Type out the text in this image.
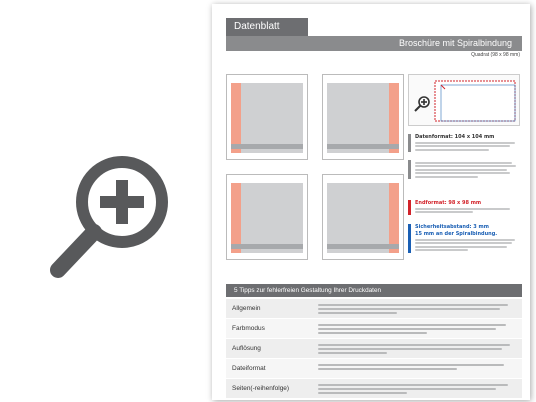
Datenblatt
Broschüre mit Spiralbindung
Quadrat (98 x 98 mm)
Datenformat: 104 x 104 mm
Endformat: 98 x 98 mm
Sicherheitsabstand: 3 mm
15 mm an der Spiralbindung.
5 Tipps zur fehlerfreien Gestaltung Ihrer Druckdaten
Allgemein
Farbmodus
Auflösung
Dateiformat
Seiten(-reihenfolge)
